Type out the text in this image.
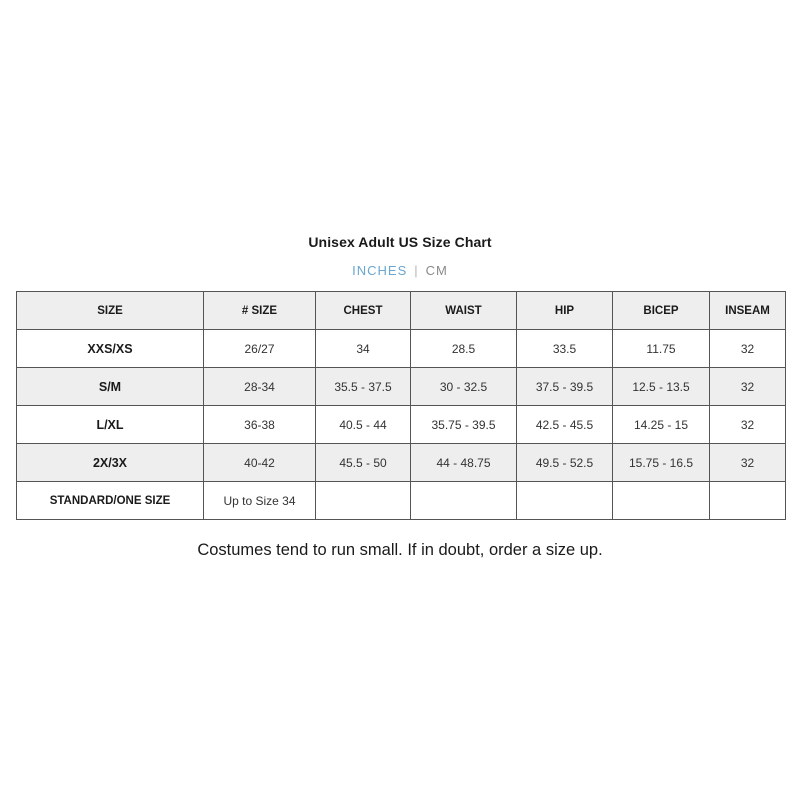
Unisex Adult US Size Chart
INCHES | CM
SIZE	# SIZE	CHEST	WAIST	HIP	BICEP	INSEAM
XXS/XS	26/27	34	28.5	33.5	11.75	32
S/M	28-34	35.5 - 37.5	30 - 32.5	37.5 - 39.5	12.5 - 13.5	32
L/XL	36-38	40.5 - 44	35.75 - 39.5	42.5 - 45.5	14.25 - 15	32
2X/3X	40-42	45.5 - 50	44 - 48.75	49.5 - 52.5	15.75 - 16.5	32
STANDARD/ONE SIZE	Up to Size 34					
Costumes tend to run small. If in doubt, order a size up.
